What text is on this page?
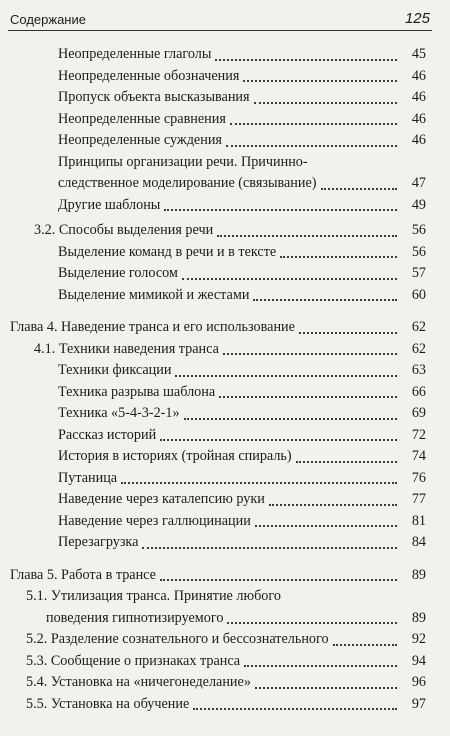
Содержание	125
Неопределенные глаголы	45
Неопределенные обозначения	46
Пропуск объекта высказывания	46
Неопределенные сравнения	46
Неопределенные суждения	46
Принципы организации речи. Причинно-
следственное моделирование (связывание)	47
Другие шаблоны	49
3.2. Способы выделения речи	56
Выделение команд в речи и в тексте	56
Выделение голосом	57
Выделение мимикой и жестами	60
Глава 4. Наведение транса и его использование	62
4.1. Техники наведения транса	62
Техники фиксации	63
Техника разрыва шаблона	66
Техника «5-4-3-2-1»	69
Рассказ историй	72
История в историях (тройная спираль)	74
Путаница	76
Наведение через каталепсию руки	77
Наведение через галлюцинации	81
Перезагрузка	84
Глава 5. Работа в трансе	89
5.1. Утилизация транса. Принятие любого
поведения гипнотизируемого	89
5.2. Разделение сознательного и бессознательного	92
5.3. Сообщение о признаках транса	94
5.4. Установка на «ничегонеделание»	96
5.5. Установка на обучение	97
